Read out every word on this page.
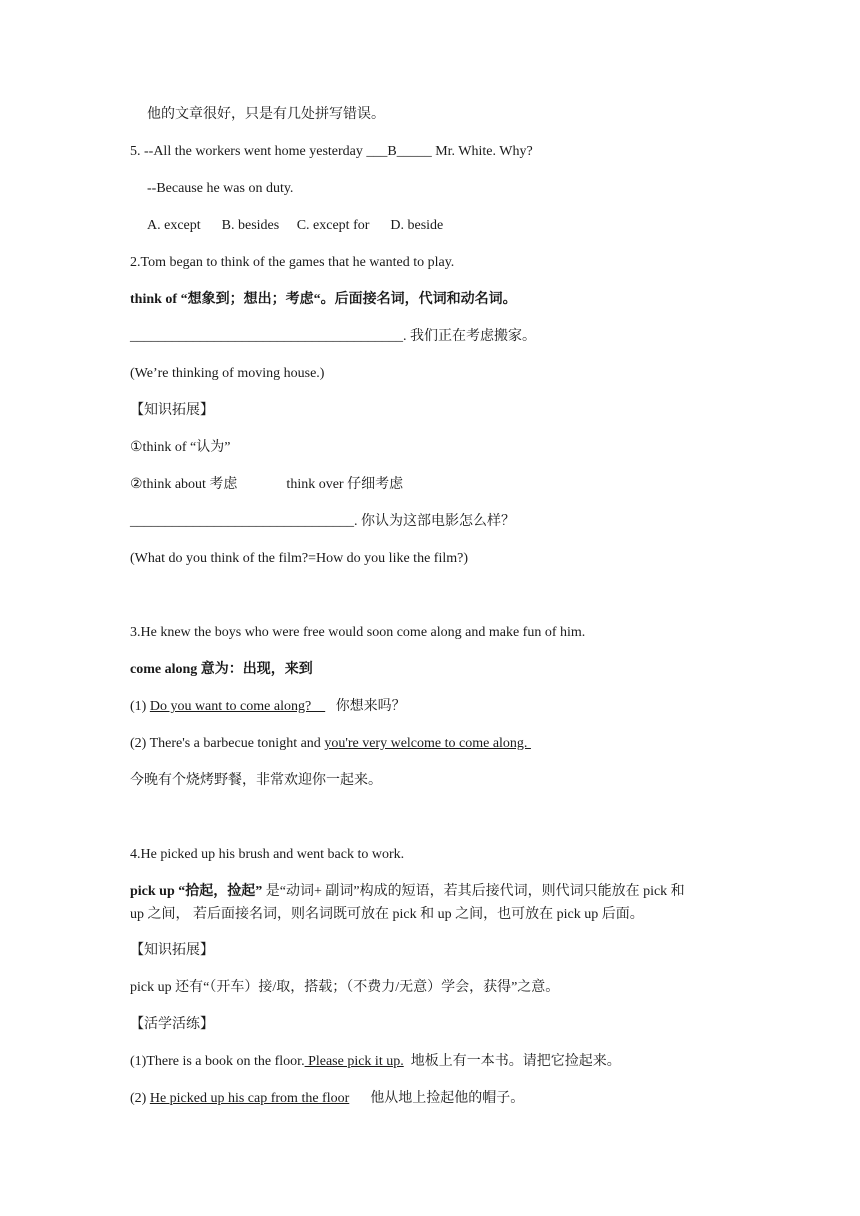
他的文章很好，只是有几处拼写错误。
5. --All the workers went home yesterday ___B_____ Mr. White. Why?
--Because he was on duty.
A. except      B. besides     C. except for      D. beside
2.Tom began to think of the games that he wanted to play.
think of “想象到；想出；考虑“。后面接名词，代词和动名词。
_______________________________________. 我们正在考虑搬家。
(We’re thinking of moving house.)
【知识拓展】
①think of “认为”
②think about 考虑              think over 仔细考虑
________________________________. 你认为这部电影怎么样？
(What do you think of the film?=How do you like the film?)
3.He knew the boys who were free would soon come along and make fun of him.
come along 意为：出现，来到
(1) Do you want to come along?       你想来吗？
(2) There's a barbecue tonight and you're very welcome to come along.
今晚有个烧烤野餐，非常欢迎你一起来。
4.He picked up his brush and went back to work.
pick up “拾起，捡起” 是“动词+ 副词”构成的短语，若其后接代词，则代词只能放在 pick 和
up 之间， 若后面接名词，则名词既可放在 pick 和 up 之间，也可放在 pick up 后面。
【知识拓展】
pick up 还有“（开车）接/取，搭载；（不费力/无意）学会，获得”之意。
【活学活练】
(1)There is a book on the floor. Please pick it up.  地板上有一本书。请把它捡起来。
(2) He picked up his cap from the floor      他从地上捡起他的帽子。
